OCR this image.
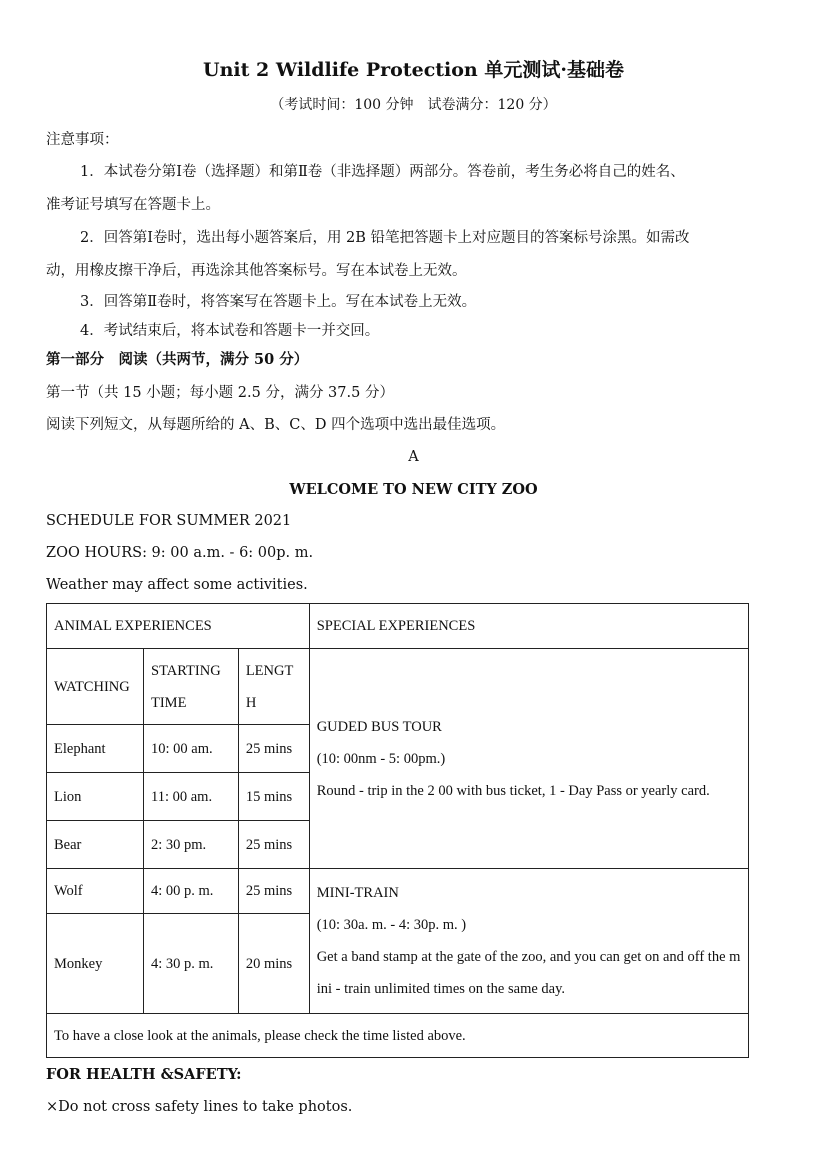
Unit 2 Wildlife Protection 单元测试·基础卷
（考试时间：100 分钟　试卷满分：120 分）
注意事项：
1．本试卷分第Ⅰ卷（选择题）和第Ⅱ卷（非选择题）两部分。答卷前，考生务必将自己的姓名、
准考证号填写在答题卡上。
2．回答第Ⅰ卷时，选出每小题答案后，用 2B 铅笔把答题卡上对应题目的答案标号涂黑。如需改
动，用橡皮擦干净后，再选涂其他答案标号。写在本试卷上无效。
3．回答第Ⅱ卷时，将答案写在答题卡上。写在本试卷上无效。
4．考试结束后，将本试卷和答题卡一并交回。
第一部分　阅读（共两节，满分 50 分）
第一节（共 15 小题；每小题 2.5 分，满分 37.5 分）
阅读下列短文，从每题所给的 A、B、C、D 四个选项中选出最佳选项。
A
WELCOME TO NEW CITY ZOO
SCHEDULE FOR SUMMER 2021
ZOO HOURS: 9: 00 a.m. - 6: 00p. m.
Weather may affect some activities.
ANIMAL EXPERIENCES			SPECIAL EXPERIENCES
WATCHING	STARTING TIME	LENGTH	GUDED BUS TOUR
(10: 00nm - 5: 00pm.)
Round - trip in the 2 00 with bus ticket, 1 - Day Pass or yearly card.

Elephant	10: 00 am.	25 mins	
Lion	11: 00 am.	15 mins	
Bear	2: 30 pm.	25 mins	
Wolf	4: 00 p. m.	25 mins	MINI-TRAIN
(10: 30a. m. - 4: 30p. m. )
Get a band stamp at the gate of the zoo, and you can get on and off the mini - train unlimited times on the same day.

Monkey	4: 30 p. m.	20 mins	
To have a close look at the animals, please check the time listed above.			
FOR HEALTH &SAFETY:
×Do not cross safety lines to take photos.
